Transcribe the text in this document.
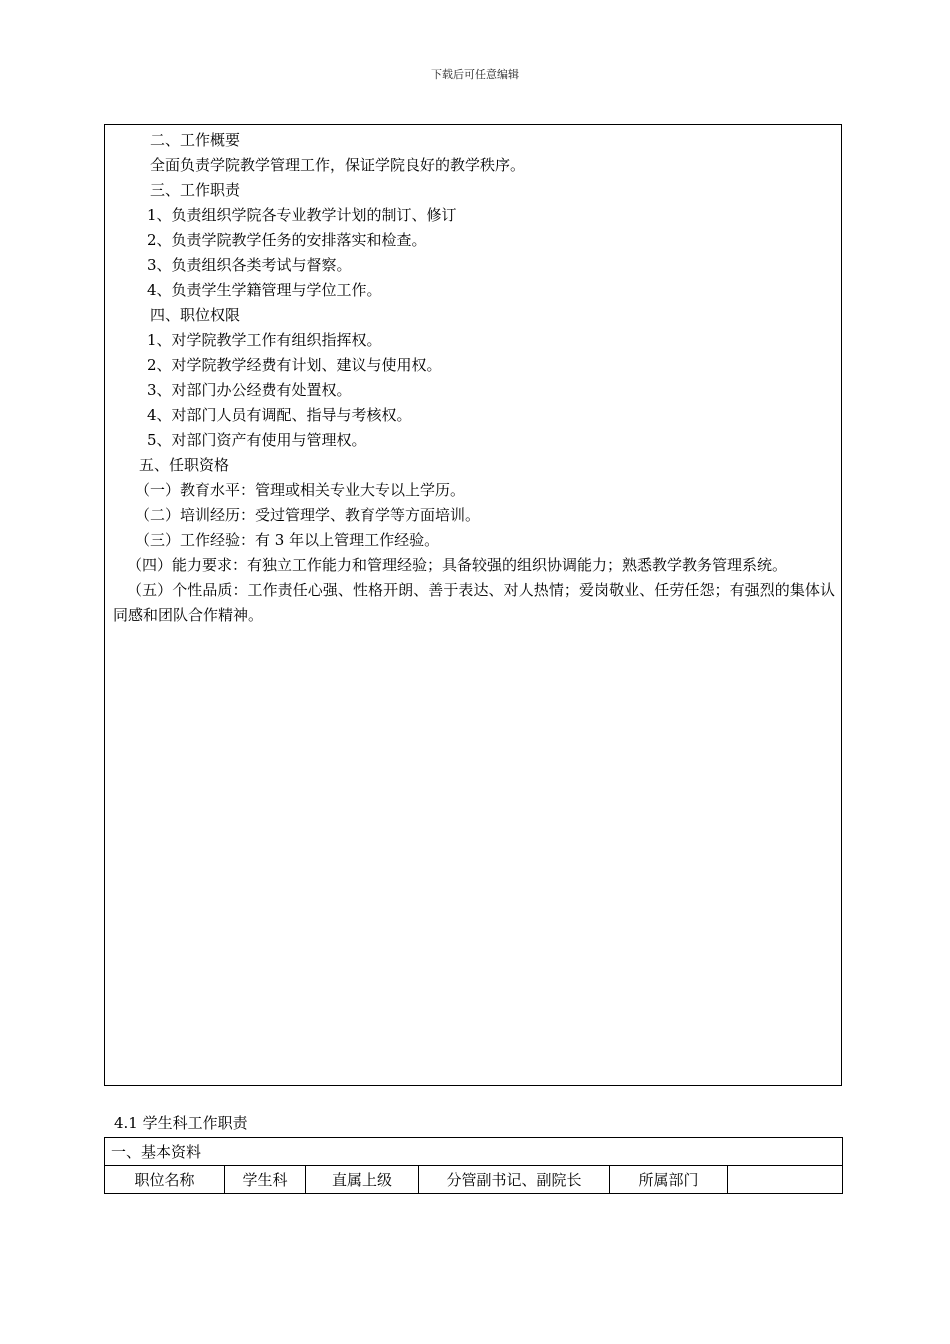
下载后可任意编辑
二、工作概要
全面负责学院教学管理工作，保证学院良好的教学秩序。
三、工作职责
1、负责组织学院各专业教学计划的制订、修订
2、负责学院教学任务的安排落实和检查。
3、负责组织各类考试与督察。
4、负责学生学籍管理与学位工作。
四、职位权限
1、对学院教学工作有组织指挥权。
2、对学院教学经费有计划、建议与使用权。
3、对部门办公经费有处置权。
4、对部门人员有调配、指导与考核权。
5、对部门资产有使用与管理权。
五、任职资格
（一）教育水平：管理或相关专业大专以上学历。
（二）培训经历：受过管理学、教育学等方面培训。
（三）工作经验：有 3 年以上管理工作经验。
（四）能力要求：有独立工作能力和管理经验；具备较强的组织协调能力；熟悉教学教务管理系统。
（五）个性品质：工作责任心强、性格开朗、善于表达、对人热情；爱岗敬业、任劳任怨；有强烈的集体认同感和团队合作精神。
4.1 学生科工作职责
一、基本资料
职位名称	学生科	直属上级	分管副书记、副院长	所属部门	
